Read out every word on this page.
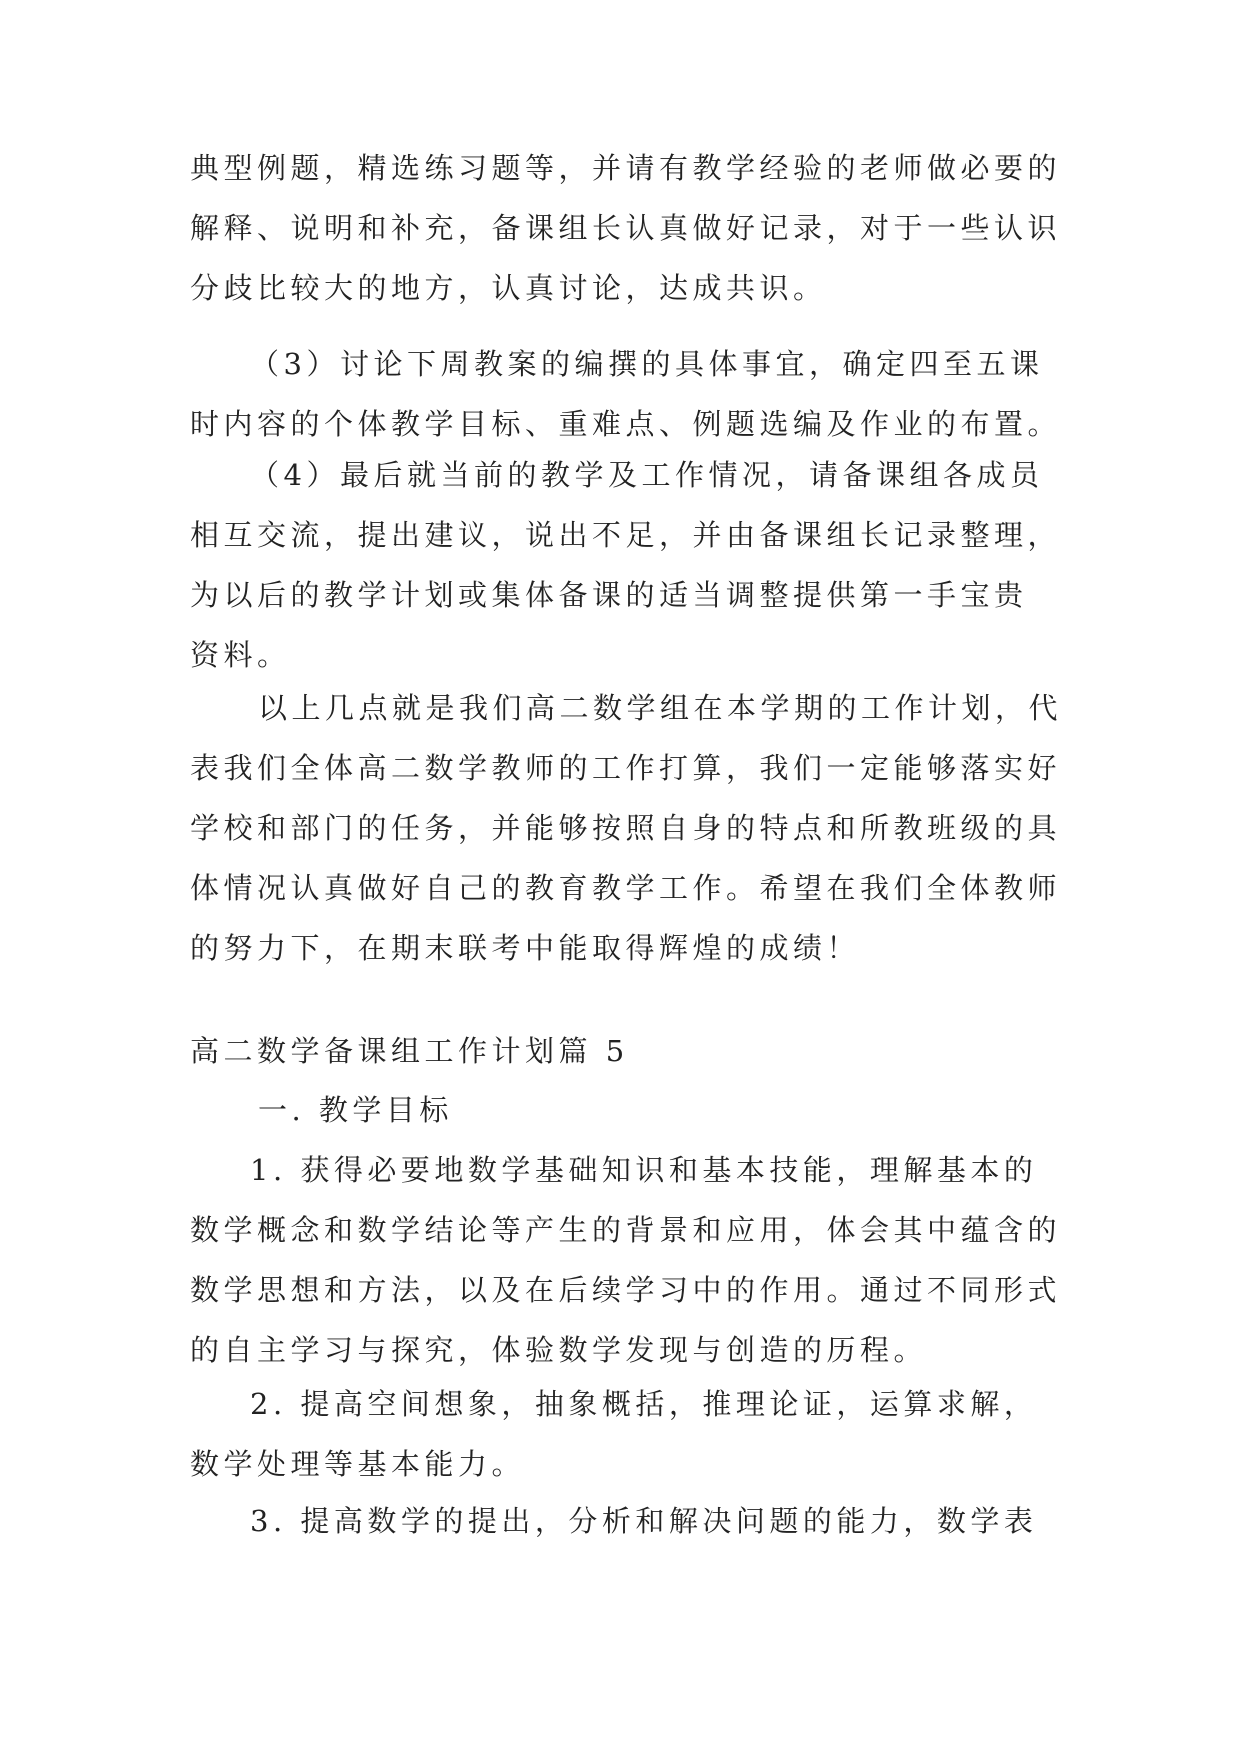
典型例题，精选练习题等，并请有教学经验的老师做必要的
解释、说明和补充，备课组长认真做好记录，对于一些认识
分歧比较大的地方，认真讨论，达成共识。
（3）讨论下周教案的编撰的具体事宜，确定四至五课
时内容的个体教学目标、重难点、例题选编及作业的布置。
（4）最后就当前的教学及工作情况，请备课组各成员
相互交流，提出建议，说出不足，并由备课组长记录整理，
为以后的教学计划或集体备课的适当调整提供第一手宝贵
资料。
以上几点就是我们高二数学组在本学期的工作计划，代
表我们全体高二数学教师的工作打算，我们一定能够落实好
学校和部门的任务，并能够按照自身的特点和所教班级的具
体情况认真做好自己的教育教学工作。希望在我们全体教师
的努力下，在期末联考中能取得辉煌的成绩！
高二数学备课组工作计划篇 5
一. 教学目标
1. 获得必要地数学基础知识和基本技能，理解基本的
数学概念和数学结论等产生的背景和应用，体会其中蕴含的
数学思想和方法，以及在后续学习中的作用。通过不同形式
的自主学习与探究，体验数学发现与创造的历程。
2. 提高空间想象，抽象概括，推理论证，运算求解，
数学处理等基本能力。
3. 提高数学的提出，分析和解决问题的能力，数学表
